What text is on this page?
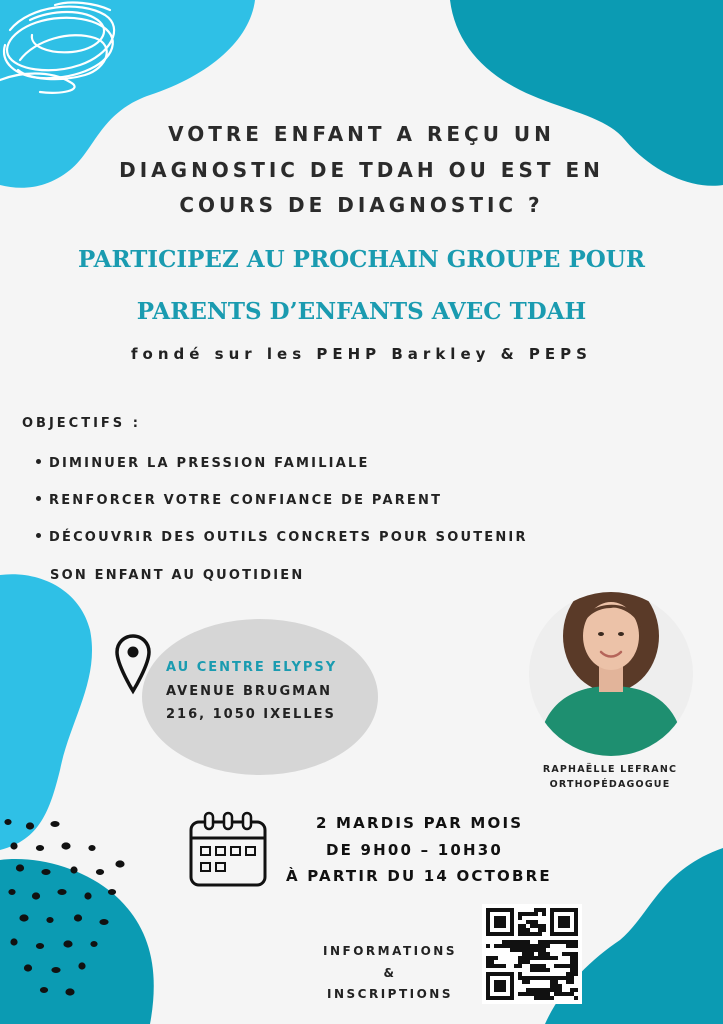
VOTRE ENFANT A REÇU UN
DIAGNOSTIC DE TDAH OU EST EN
COURS DE DIAGNOSTIC ?
PARTICIPEZ AU PROCHAIN GROUPE POUR
PARENTS D’ENFANTS AVEC TDAH
fondé sur les PEHP Barkley & PEPS
OBJECTIFS :
DIMINUER LA PRESSION FAMILIALE
RENFORCER VOTRE CONFIANCE DE PARENT
DÉCOUVRIR DES OUTILS CONCRETS POUR SOUTENIR
SON ENFANT AU QUOTIDIEN
AU CENTRE ELYPSY
AVENUE BRUGMAN
216, 1050 IXELLES
RAPHAËLLE LEFRANC
ORTHOPÉDAGOGUE
2 MARDIS PAR MOIS
DE 9H00 – 10H30
À PARTIR DU 14 OCTOBRE
INFORMATIONS
&
INSCRIPTIONS
